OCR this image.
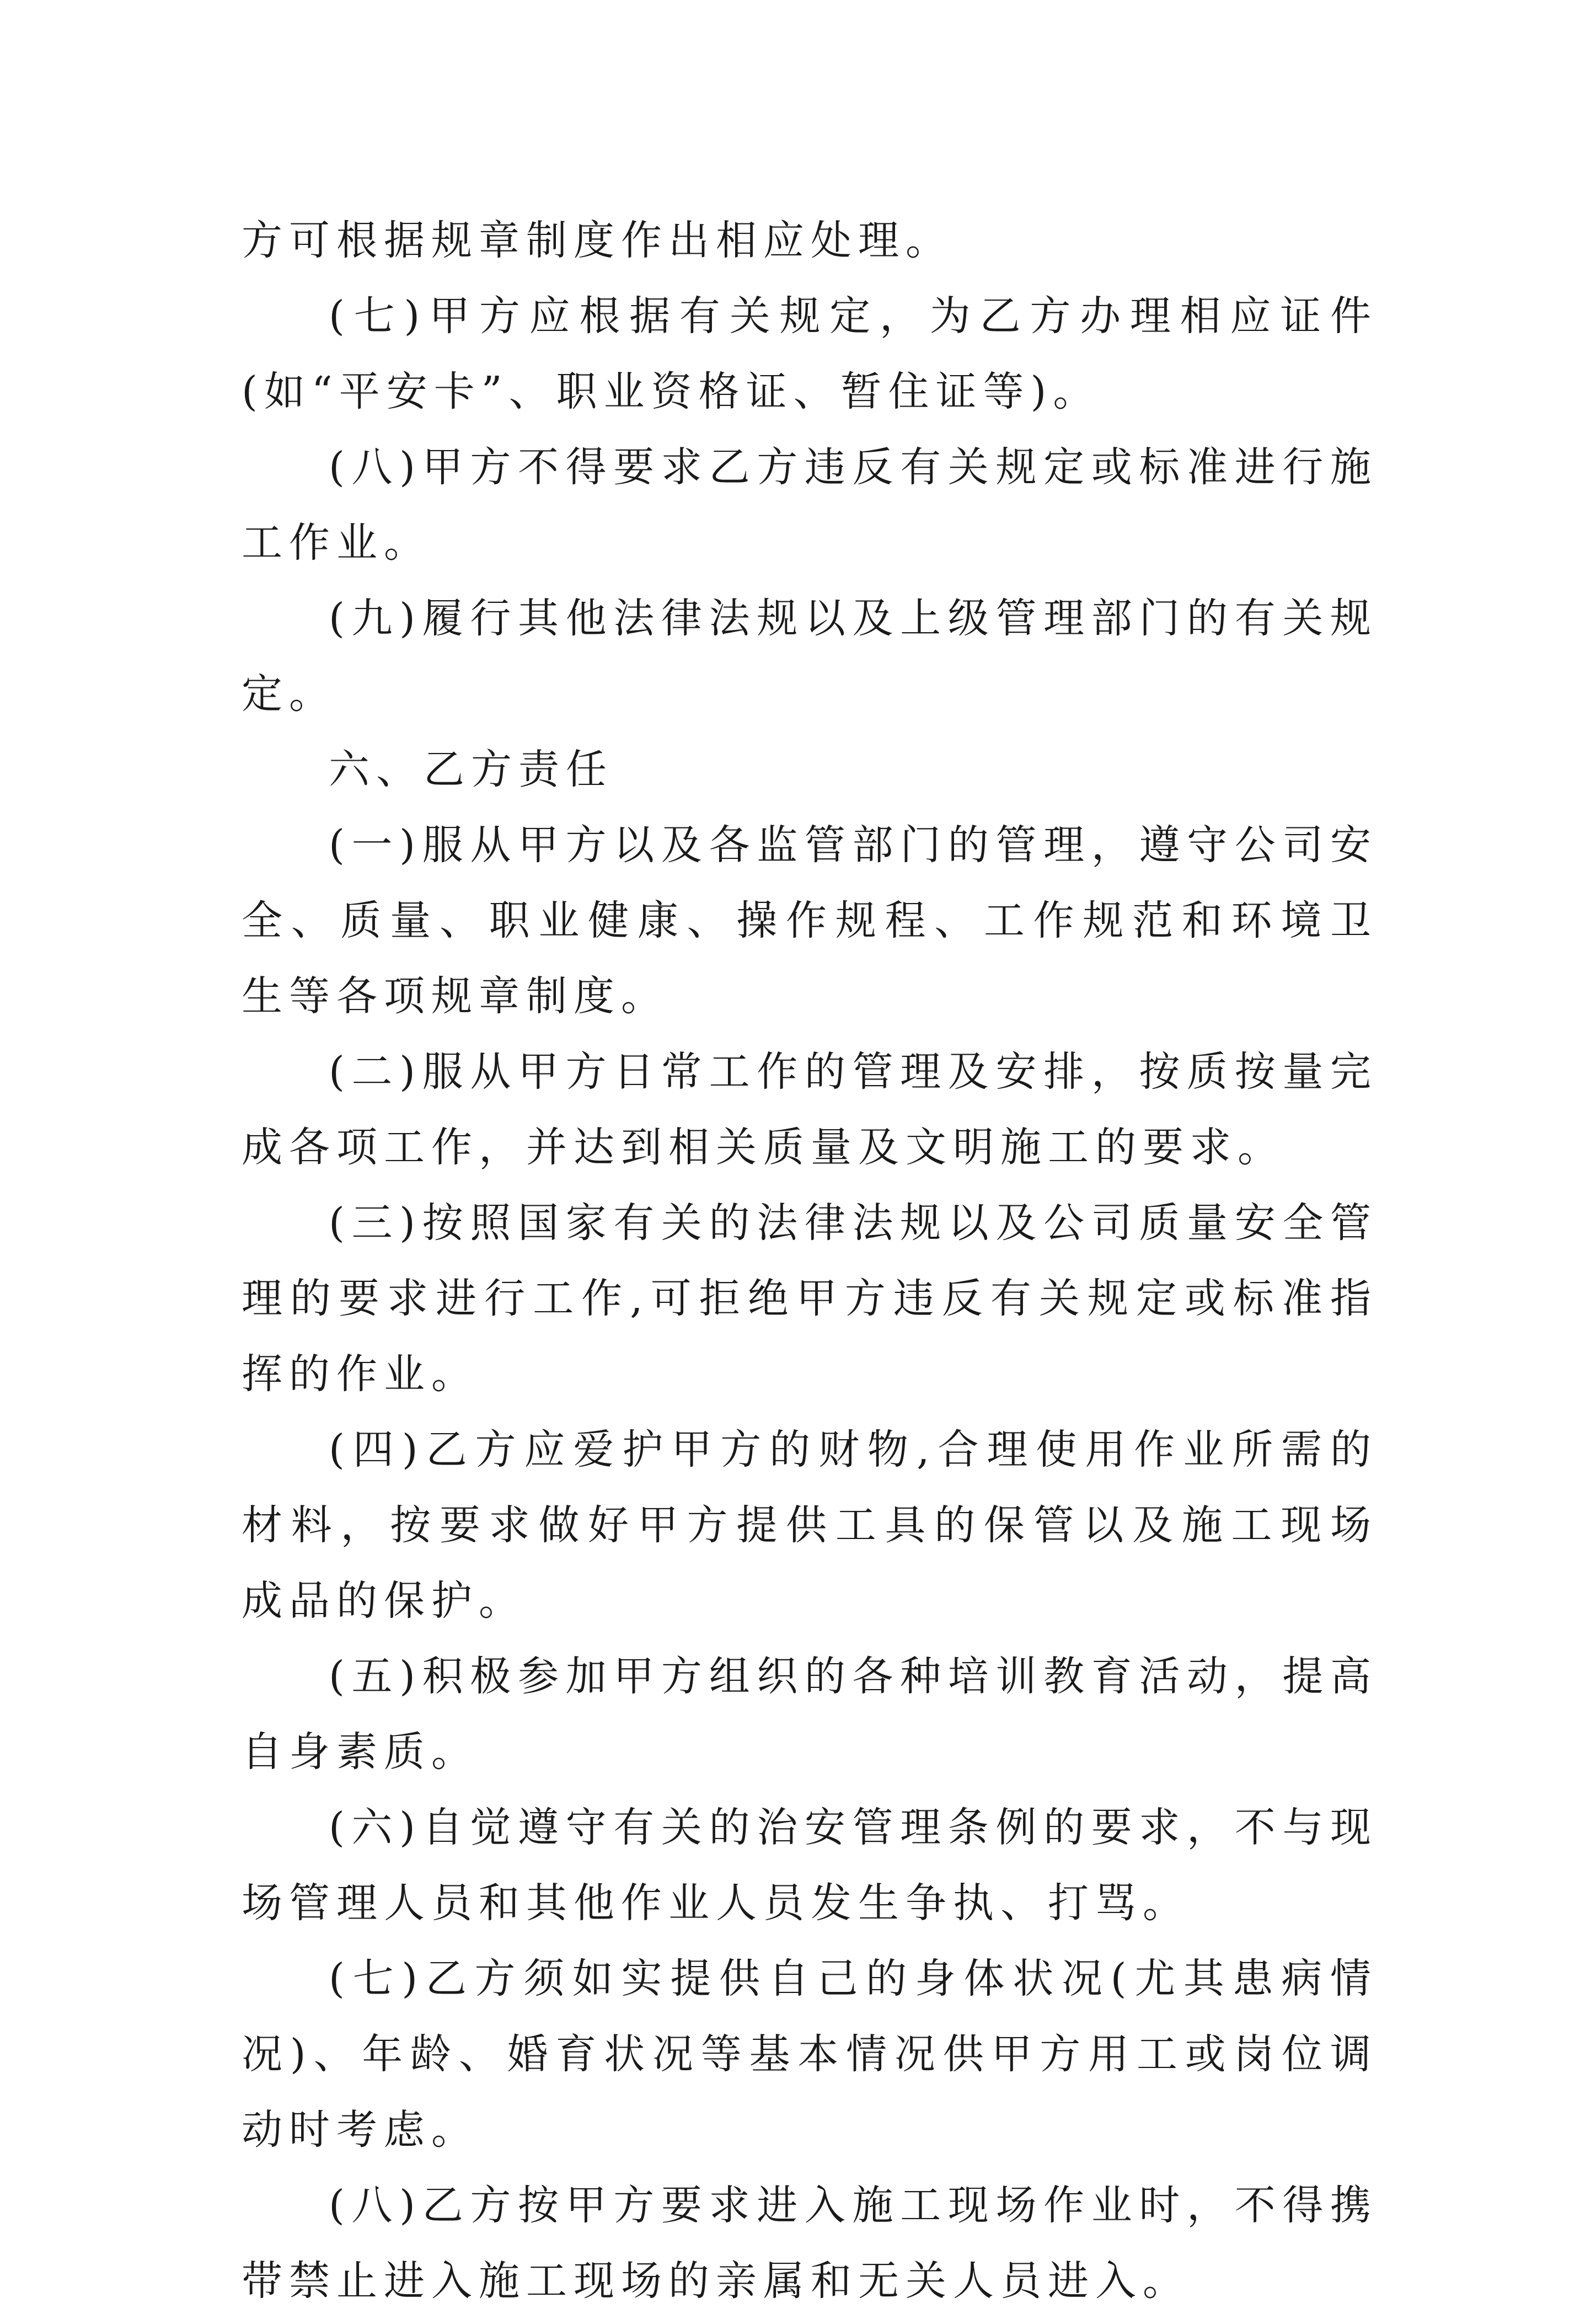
方可根据规章制度作出相应处理。

(七)甲方应根据有关规定，为乙方办理相应证件(如“平安卡”、职业资格证、暂住证等)。

(八)甲方不得要求乙方违反有关规定或标准进行施工作业。

(九)履行其他法律法规以及上级管理部门的有关规定。

六、乙方责任

(一)服从甲方以及各监管部门的管理，遵守公司安全、质量、职业健康、操作规程、工作规范和环境卫生等各项规章制度。

(二)服从甲方日常工作的管理及安排，按质按量完成各项工作，并达到相关质量及文明施工的要求。

(三)按照国家有关的法律法规以及公司质量安全管理的要求进行工作,可拒绝甲方违反有关规定或标准指挥的作业。

(四)乙方应爱护甲方的财物,合理使用作业所需的材料，按要求做好甲方提供工具的保管以及施工现场成品的保护。

(五)积极参加甲方组织的各种培训教育活动，提高自身素质。

(六)自觉遵守有关的治安管理条例的要求，不与现场管理人员和其他作业人员发生争执、打骂。

(七)乙方须如实提供自己的身体状况(尤其患病情况)、年龄、婚育状况等基本情况供甲方用工或岗位调动时考虑。

(八)乙方按甲方要求进入施工现场作业时，不得携带禁止进入施工现场的亲属和无关人员进入。
